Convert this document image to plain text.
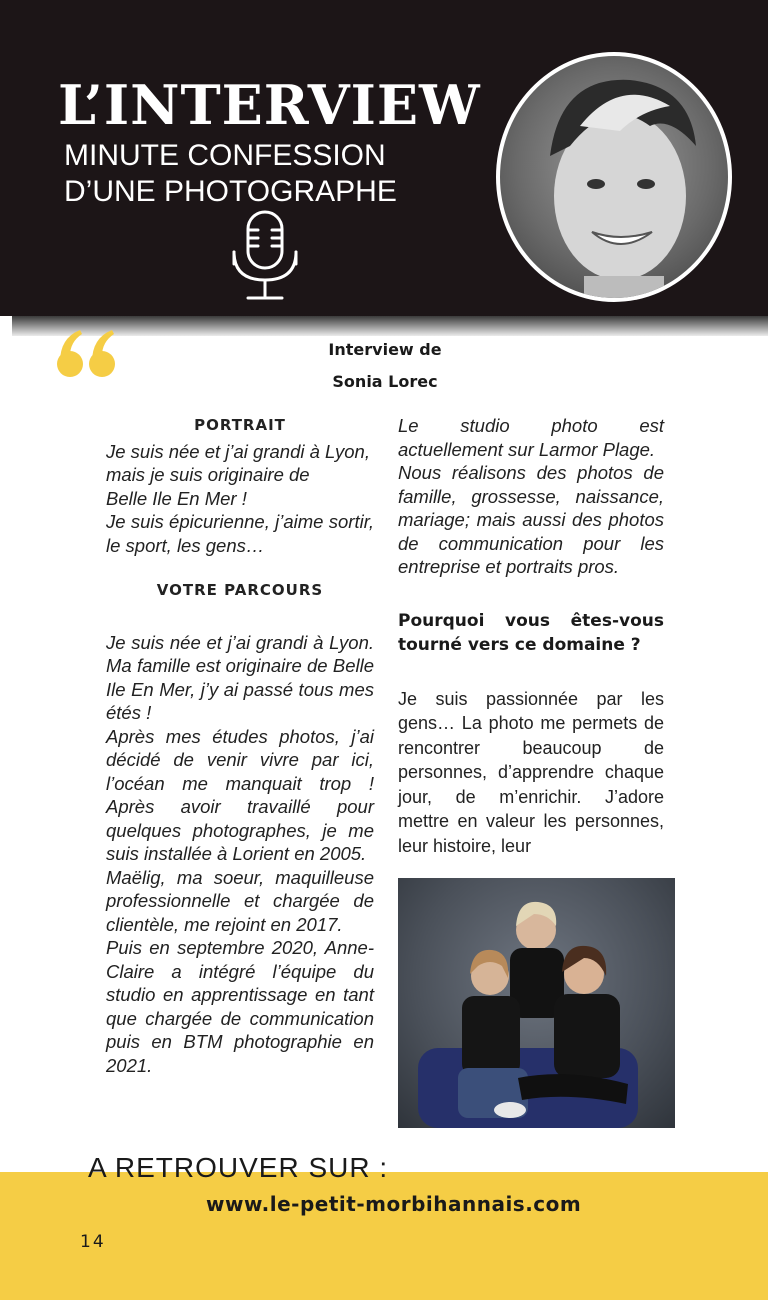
L’INTERVIEW
MINUTE CONFESSION
D’UNE PHOTOGRAPHE
Interview de
Sonia Lorec
PORTRAIT
Je suis née et j’ai grandi à Lyon, mais je suis originaire de
Belle Ile En Mer !
Je suis épicurienne, j’aime sortir, le sport, les gens…
VOTRE PARCOURS
Je suis née et j’ai grandi à Lyon. Ma famille est originaire de Belle Ile En Mer, j’y ai passé tous mes étés !
Après mes études photos, j’ai décidé de venir vivre par ici, l’océan me manquait trop ! Après avoir travaillé pour quelques photographes, je me suis installée à Lorient en 2005.
Maëlig, ma soeur, maquilleuse professionnelle et chargée de clientèle, me rejoint en 2017.
Puis en septembre 2020, Anne-Claire a intégré l’équipe du studio en apprentissage en tant que chargée de communication puis en BTM photographie en 2021.
Le studio photo est actuellement sur Larmor Plage.
Nous réalisons des photos de famille, grossesse, naissance, mariage; mais aussi des photos de communication pour les entreprise et portraits pros.
Pourquoi vous êtes-vous tourné vers ce domaine ?
Je suis passionnée par les gens… La photo me permets de rencontrer beaucoup de personnes, d’apprendre chaque jour, de m’enrichir. J’adore mettre en valeur les personnes, leur histoire, leur
A RETROUVER SUR :
www.le-petit-morbihannais.com
14
